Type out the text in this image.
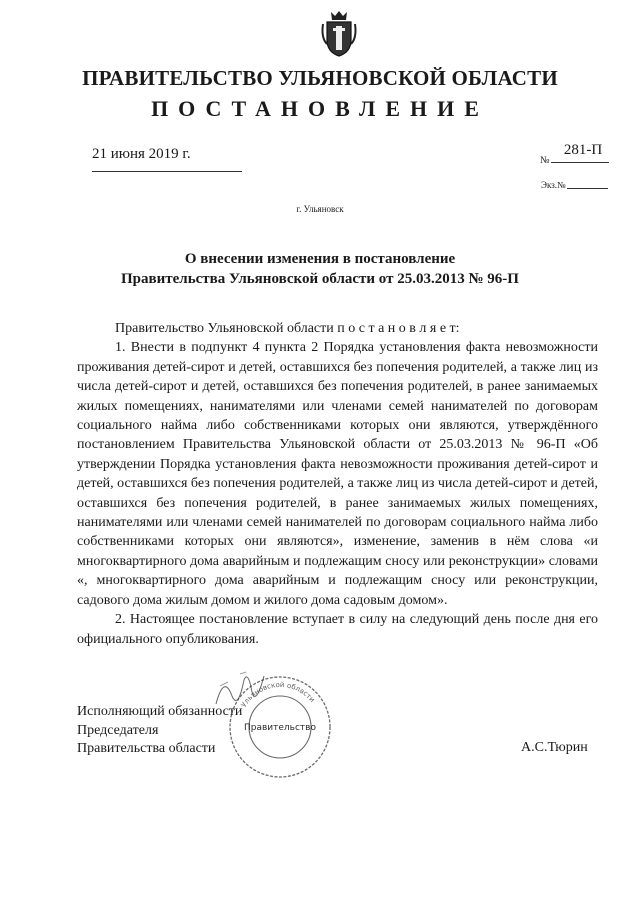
ПРАВИТЕЛЬСТВО УЛЬЯНОВСКОЙ ОБЛАСТИ
ПОСТАНОВЛЕНИЕ
21 июня 2019 г.	№
281-П
Экз.№
г. Ульяновск
О внесении изменения в постановление
Правительства Ульяновской области от 25.03.2013 № 96-П

Правительство Ульяновской области п о с т а н о в л я е т:

1. Внести в подпункт 4 пункта 2 Порядка установления факта невозможности проживания детей-сирот и детей, оставшихся без попечения родителей, а также лиц из числа детей-сирот и детей, оставшихся без попечения родителей, в ранее занимаемых жилых помещениях, нанимателями или членами семей нанимателей по договорам социального найма либо собственниками которых они являются, утверждённого постановлением Правительства Ульяновской области от 25.03.2013 № 96-П «Об утверждении Порядка установления факта невозможности проживания детей-сирот и детей, оставшихся без попечения родителей, а также лиц из числа детей-сирот и детей, оставшихся без попечения родителей, в ранее занимаемых жилых помещениях, нанимателями или членами семей нанимателей по договорам социального найма либо собственниками которых они являются», изменение, заменив в нём слова «и многоквартирного дома аварийным и подлежащим сносу или реконструкции» словами «, многоквартирного дома аварийным и подлежащим сносу или реконструкции, садового дома жилым домом и жилого дома садовым домом».

2. Настоящее постановление вступает в силу на следующий день после дня его официального опубликования.

Исполняющий обязанности
Председателя
Правительства области	А.С.Тюрин
Ульяновской области
Правительство
